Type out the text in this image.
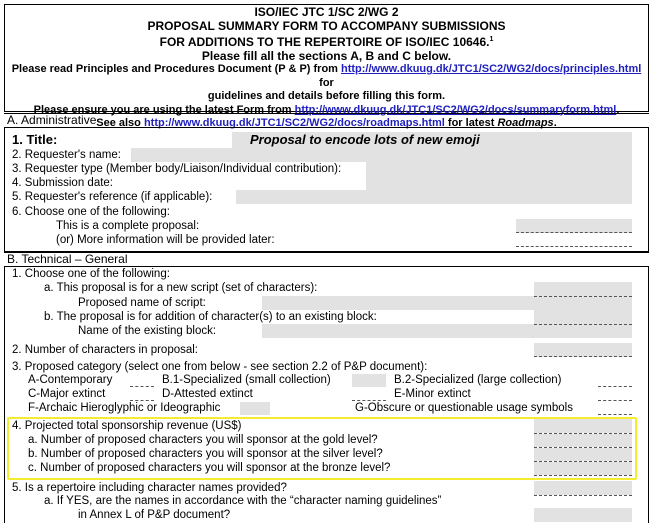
ISO/IEC JTC 1/SC 2/WG 2
PROPOSAL SUMMARY FORM TO ACCOMPANY SUBMISSIONS
FOR ADDITIONS TO THE REPERTOIRE OF ISO/IEC 10646.$^1$
Please fill all the sections A, B and C below.
Please read Principles and Procedures Document (P & P) from http://www.dkuug.dk/JTC1/SC2/WG2/docs/principles.html for
guidelines and details before filling this form.
Please ensure you are using the latest Form from http://www.dkuug.dk/JTC1/SC2/WG2/docs/summaryform.html.
See also http://www.dkuug.dk/JTC1/SC2/WG2/docs/roadmaps.html for latest Roadmaps.
A. Administrative
1. Title:	Proposal to encode lots of new emoji
2. Requester's name:
3. Requester type (Member body/Liaison/Individual contribution):
4. Submission date:
5. Requester's reference (if applicable):
6. Choose one of the following:
This is a complete proposal:
(or) More information will be provided later:
B. Technical – General
1. Choose one of the following:
a. This proposal is for a new script (set of characters):
Proposed name of script:
b. The proposal is for addition of character(s) to an existing block:
Name of the existing block:
2. Number of characters in proposal:
3. Proposed category (select one from below - see section 2.2 of P&P document):
A-Contemporary	B.1-Specialized (small collection)	B.2-Specialized (large collection)
C-Major extinct	D-Attested extinct	E-Minor extinct
F-Archaic Hieroglyphic or Ideographic	G-Obscure or questionable usage symbols
4. Projected total sponsorship revenue (US$)
a. Number of proposed characters you will sponsor at the gold level?
b. Number of proposed characters you will sponsor at the silver level?
c. Number of proposed characters you will sponsor at the bronze level?
5. Is a repertoire including character names provided?
a. If YES, are the names in accordance with the “character naming guidelines”
in Annex L of P&P document?
